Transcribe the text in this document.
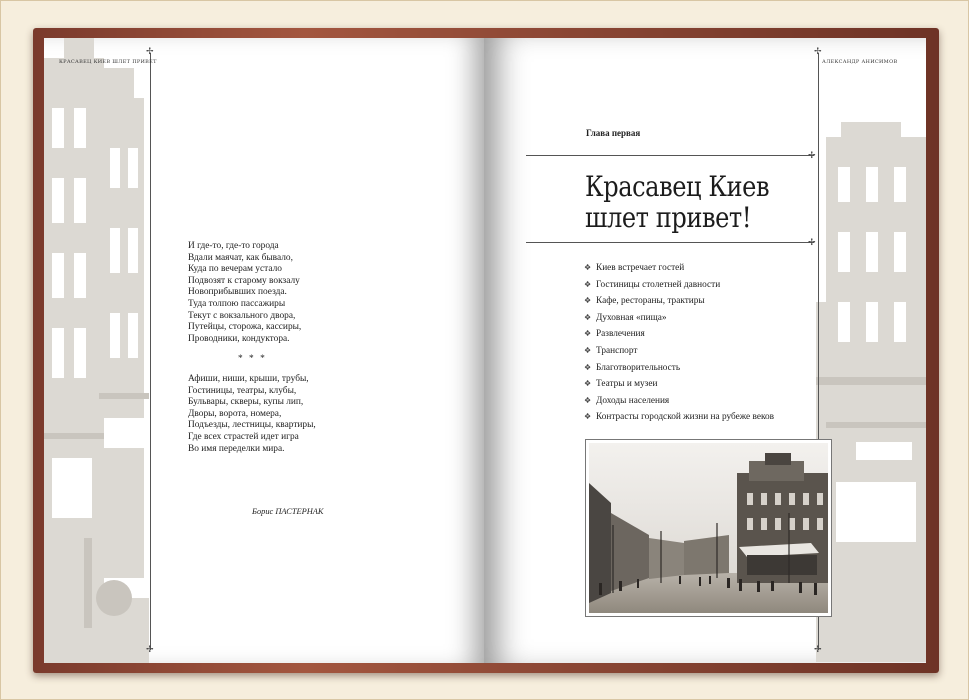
✢
✢
КРАСАВЕЦ КИЕВ ШЛЕТ ПРИВЕТ
И где-то, где-то города
Вдали маячат, как бывало,
Куда по вечерам устало
Подвозят к старому вокзалу
Новоприбывших поезда.
Туда толпою пассажиры
Текут с вокзального двора,
Путейцы, сторожа, кассиры,
Проводники, кондуктора.
* * *
Афиши, ниши, крыши, трубы,
Гостиницы, театры, клубы,
Бульвары, скверы, купы лип,
Дворы, ворота, номера,
Подъезды, лестницы, квартиры,
Где всех страстей идет игра
Во имя переделки мира.
Борис ПАСТЕРНАК
GRAND
✢
✢
АЛЕКСАНДР АНИСИМОВ
Глава первая
✢
Красавец Киев
шлет привет!
✢
❖ Киев встречает гостей
❖ Гостиницы столетней давности
❖ Кафе, рестораны, трактиры
❖ Духовная «пища»
❖ Развлечения
❖ Транспорт
❖ Благотворительность
❖ Театры и музеи
❖ Доходы населения
❖ Контрасты городской жизни на рубеже веков
